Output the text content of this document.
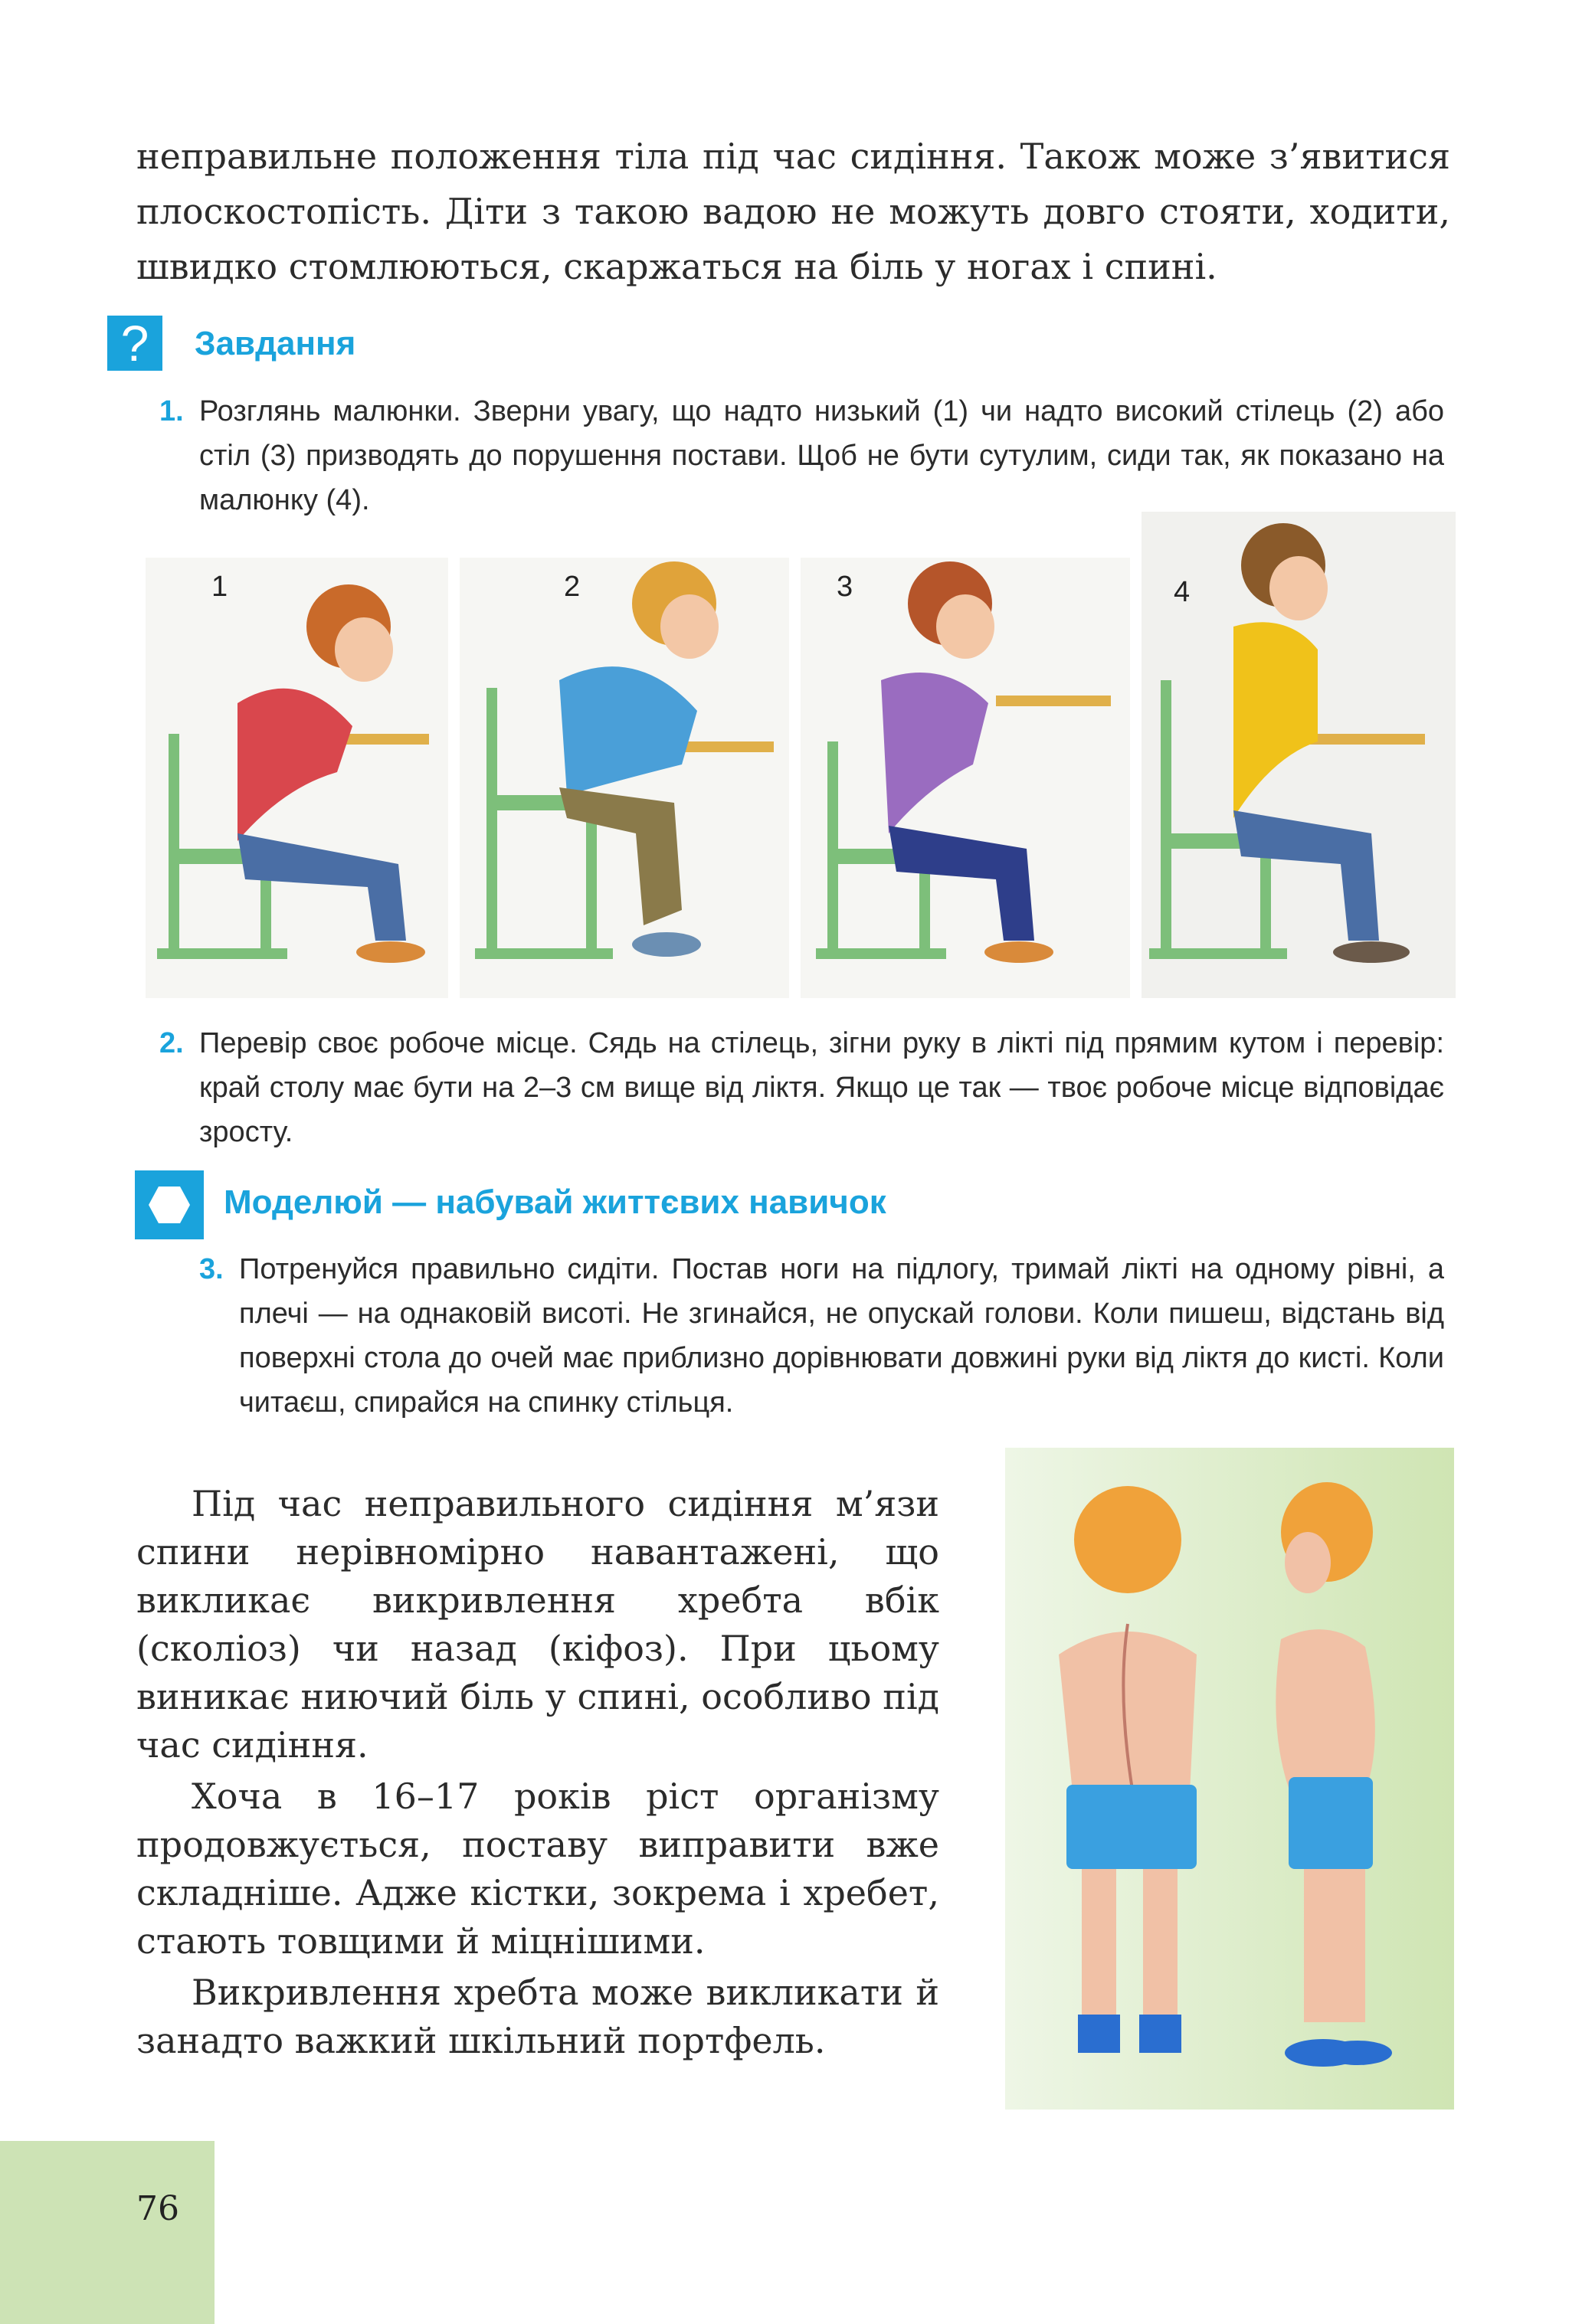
неправильне положення тіла під час сидіння. Також може з’явитися плоскостопість. Діти з такою вадою не можуть довго стояти, ходити, швидко стомлюються, скаржаться на біль у ногах і спині.
? Завдання
1. Розглянь малюнки. Зверни увагу, що надто низький (1) чи надто високий стілець (2) або стіл (3) призводять до порушення постави. Щоб не бути сутулим, сиди так, як показано на малюнку (4).
1	2	3	4
2. Перевір своє робоче місце. Сядь на стілець, зігни руку в лікті під прямим кутом і перевір: край столу має бути на 2–3 см вище від ліктя. Якщо це так — твоє робоче місце відповідає зросту.
Моделюй — набувай життєвих навичок
3. Потренуйся правильно сидіти. Постав ноги на підлогу, тримай лікті на одному рівні, а плечі — на однаковій висоті. Не згинайся, не опускай голови. Коли пишеш, відстань від поверхні стола до очей має приблизно дорівнювати довжині руки від ліктя до кисті. Коли читаєш, спирайся на спинку стільця.

Під час неправильного сидіння м’язи спини нерівномірно навантажені, що викликає викривлення хребта вбік (сколіоз) чи назад (кіфоз). При цьому виникає ниючий біль у спині, особливо під час сидіння.

Хоча в 16–17 років ріст організму продовжується, поставу виправити вже складніше. Адже кістки, зокрема і хребет, стають товщими й міцнішими.

Викривлення хребта може викликати й занадто важкий шкільний портфель.

76
